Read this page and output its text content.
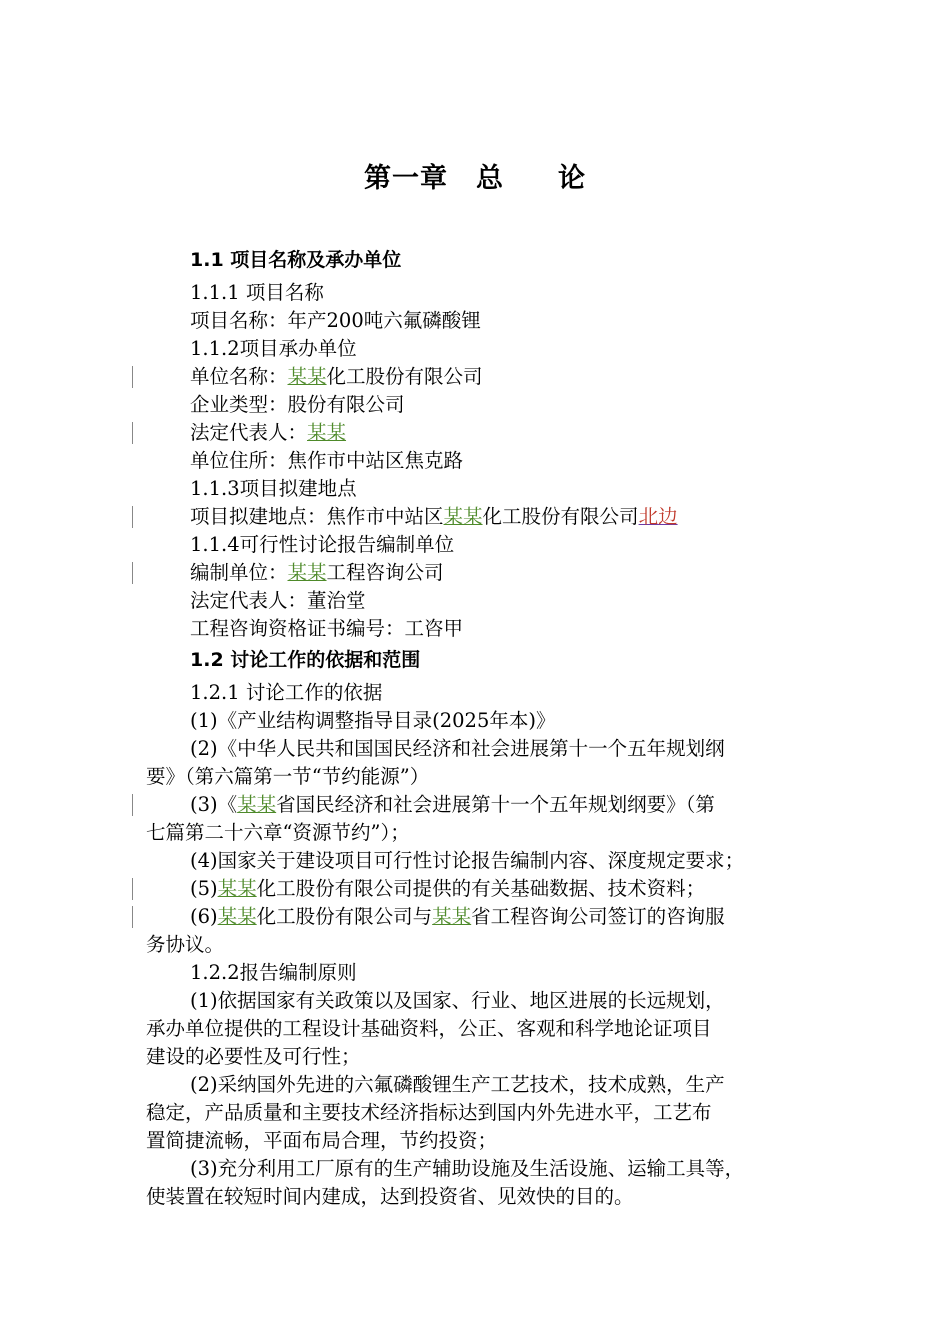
第一章 总 论
1.1 项目名称及承办单位
1.1.1 项目名称
项目名称：年产200吨六氟磷酸锂
1.1.2项目承办单位
单位名称：某某化工股份有限公司
企业类型：股份有限公司
法定代表人：某某
单位住所：焦作市中站区焦克路
1.1.3项目拟建地点
项目拟建地点：焦作市中站区某某化工股份有限公司北边
1.1.4可行性讨论报告编制单位
编制单位：某某工程咨询公司
法定代表人：董治堂
工程咨询资格证书编号：工咨甲
1.2 讨论工作的依据和范围
1.2.1 讨论工作的依据
(1)《产业结构调整指导目录(2025年本)》
(2)《中华人民共和国国民经济和社会进展第十一个五年规划纲
要》（第六篇第一节“节约能源”）
(3)《某某省国民经济和社会进展第十一个五年规划纲要》（第
七篇第二十六章“资源节约”）；
(4)国家关于建设项目可行性讨论报告编制内容、深度规定要求；
(5)某某化工股份有限公司提供的有关基础数据、技术资料；
(6)某某化工股份有限公司与某某省工程咨询公司签订的咨询服
务协议。
1.2.2报告编制原则
(1)依据国家有关政策以及国家、行业、地区进展的长远规划，
承办单位提供的工程设计基础资料，公正、客观和科学地论证项目
建设的必要性及可行性；
(2)采纳国外先进的六氟磷酸锂生产工艺技术，技术成熟，生产
稳定，产品质量和主要技术经济指标达到国内外先进水平，工艺布
置简捷流畅，平面布局合理，节约投资；
(3)充分利用工厂原有的生产辅助设施及生活设施、运输工具等，
使装置在较短时间内建成，达到投资省、见效快的目的。
